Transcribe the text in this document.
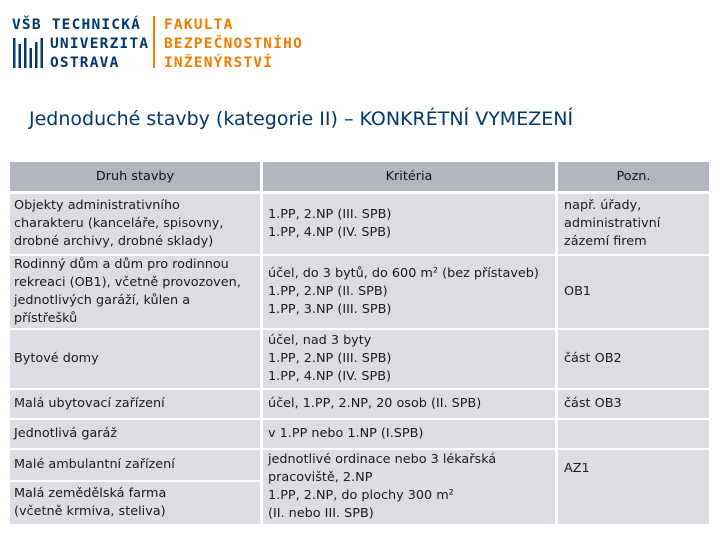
VŠB TECHNICKÁ
UNIVERZITA
OSTRAVA
FAKULTA
BEZPEČNOSTNÍHO
INŽENÝRSTVÍ
Jednoduché stavby (kategorie II) – KONKRÉTNÍ VYMEZENÍ
Druh stavby	Kritéria	Pozn.
Objekty administrativního
charakteru (kanceláře, spisovny,
drobné archivy, drobné sklady)
Rodinný dům a dům pro rodinnou
rekreaci (OB1), včetně provozoven,
jednotlivých garáží, kůlen a
přístřešků
Bytové domy
Malá ubytovací zařízení
Jednotlivá garáž
Malé ambulantní zařízení
Malá zemědělská farma
(včetně krmiva, steliva)
1.PP, 2.NP (III. SPB)
1.PP, 4.NP (IV. SPB)
účel, do 3 bytů, do 600 m² (bez přístaveb)
1.PP, 2.NP (II. SPB)
1.PP, 3.NP (III. SPB)
účel, nad 3 byty
1.PP, 2.NP (III. SPB)
1.PP, 4.NP (IV. SPB)
účel, 1.PP, 2.NP, 20 osob (II. SPB)
v 1.PP nebo 1.NP (I.SPB)
jednotlivé ordinace nebo 3 lékařská
pracoviště, 2.NP
1.PP, 2.NP, do plochy 300 m²
(II. nebo III. SPB)
např. úřady,
administrativní
zázemí firem
OB1
část OB2
část OB3
AZ1
